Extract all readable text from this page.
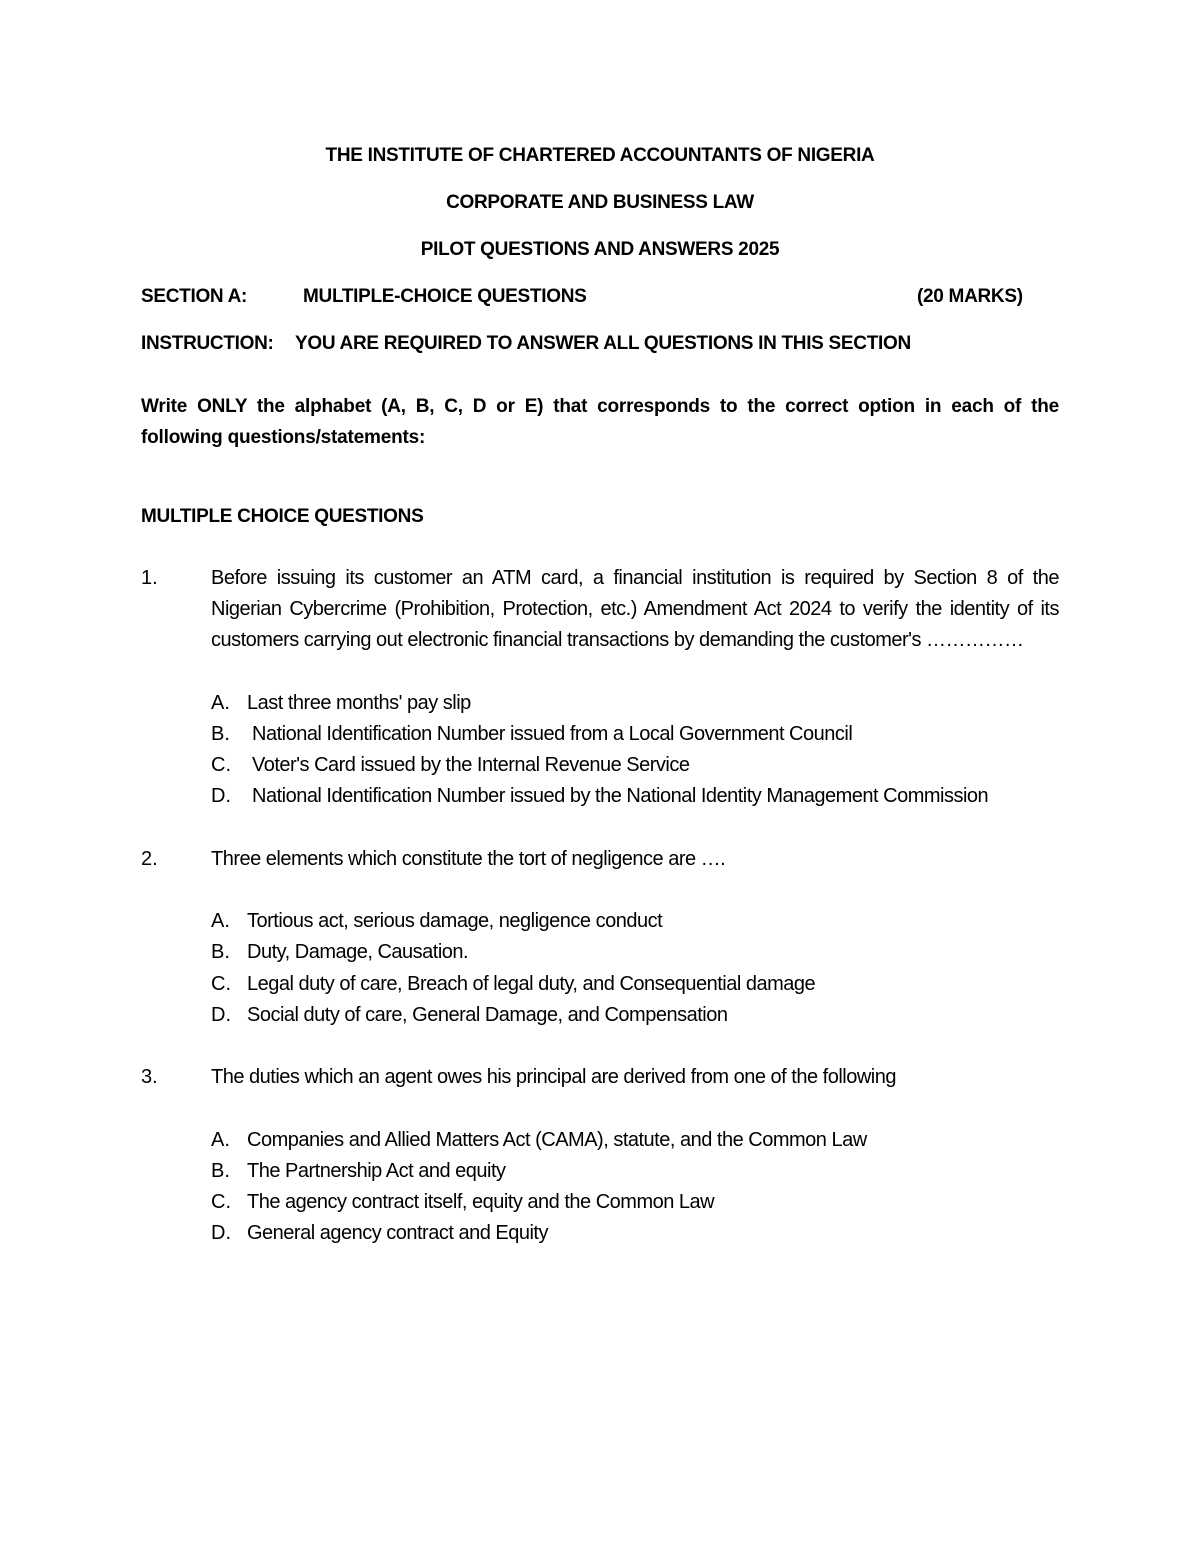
THE INSTITUTE OF CHARTERED ACCOUNTANTS OF NIGERIA
CORPORATE AND BUSINESS LAW
PILOT QUESTIONS AND ANSWERS 2025
SECTION A:	MULTIPLE-CHOICE QUESTIONS	(20 MARKS)
INSTRUCTION: YOU ARE REQUIRED TO ANSWER ALL QUESTIONS IN THIS SECTION
Write ONLY the alphabet (A, B, C, D or E) that corresponds to the correct option in each of the
following questions/statements:
MULTIPLE CHOICE QUESTIONS
1.	Before issuing its customer an ATM card, a financial institution is required by Section 8 of the
Nigerian Cybercrime (Prohibition, Protection, etc.) Amendment Act 2024 to verify the identity of its
customers carrying out electronic financial transactions by demanding the customer's ……………
A. Last three months' pay slip
B. National Identification Number issued from a Local Government Council
C. Voter's Card issued by the Internal Revenue Service
D. National Identification Number issued by the National Identity Management Commission
2.	Three elements which constitute the tort of negligence are ….
A. Tortious act, serious damage, negligence conduct
B. Duty, Damage, Causation.
C. Legal duty of care, Breach of legal duty, and Consequential damage
D. Social duty of care, General Damage, and Compensation
3.	The duties which an agent owes his principal are derived from one of the following
A. Companies and Allied Matters Act (CAMA), statute, and the Common Law
B. The Partnership Act and equity
C. The agency contract itself, equity and the Common Law
D. General agency contract and Equity
